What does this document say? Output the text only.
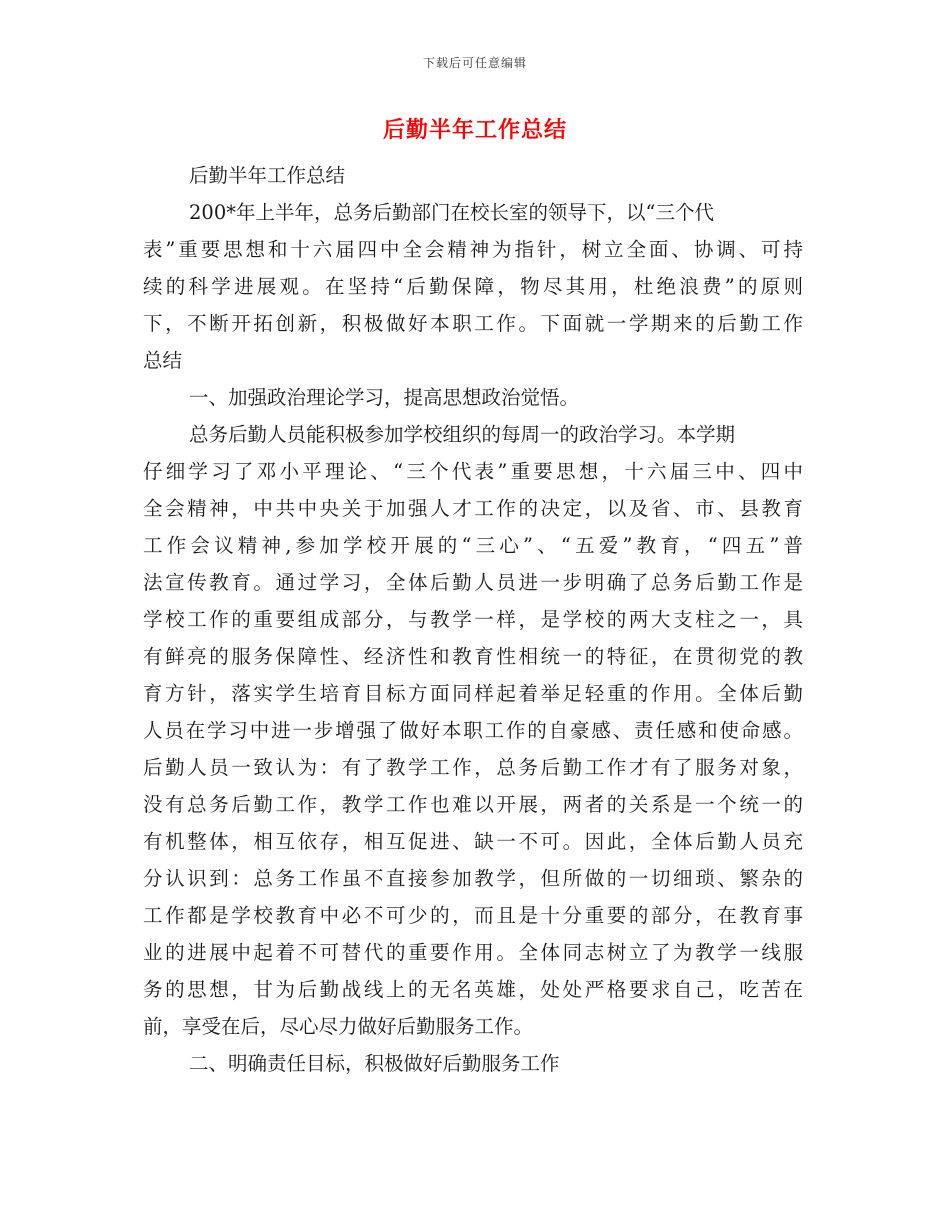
下载后可任意编辑
后勤半年工作总结
后勤半年工作总结
200*年上半年，总务后勤部门在校长室的领导下，以“三个代
表”重要思想和十六届四中全会精神为指针，树立全面、协调、可持
续的科学进展观。在坚持“后勤保障，物尽其用，杜绝浪费”的原则
下，不断开拓创新，积极做好本职工作。下面就一学期来的后勤工作
总结
一、加强政治理论学习，提高思想政治觉悟。
总务后勤人员能积极参加学校组织的每周一的政治学习。本学期
仔细学习了邓小平理论、“三个代表”重要思想，十六届三中、四中
全会精神，中共中央关于加强人才工作的决定，以及省、市、县教育
工作会议精神,参加学校开展的“三心”、“五爱”教育，“四五”普
法宣传教育。通过学习，全体后勤人员进一步明确了总务后勤工作是
学校工作的重要组成部分，与教学一样，是学校的两大支柱之一，具
有鲜亮的服务保障性、经济性和教育性相统一的特征，在贯彻党的教
育方针，落实学生培育目标方面同样起着举足轻重的作用。全体后勤
人员在学习中进一步增强了做好本职工作的自豪感、责任感和使命感。
后勤人员一致认为：有了教学工作，总务后勤工作才有了服务对象，
没有总务后勤工作，教学工作也难以开展，两者的关系是一个统一的
有机整体，相互依存，相互促进、缺一不可。因此，全体后勤人员充
分认识到：总务工作虽不直接参加教学，但所做的一切细琐、繁杂的
工作都是学校教育中必不可少的，而且是十分重要的部分，在教育事
业的进展中起着不可替代的重要作用。全体同志树立了为教学一线服
务的思想，甘为后勤战线上的无名英雄，处处严格要求自己，吃苦在
前，享受在后，尽心尽力做好后勤服务工作。
二、明确责任目标，积极做好后勤服务工作
